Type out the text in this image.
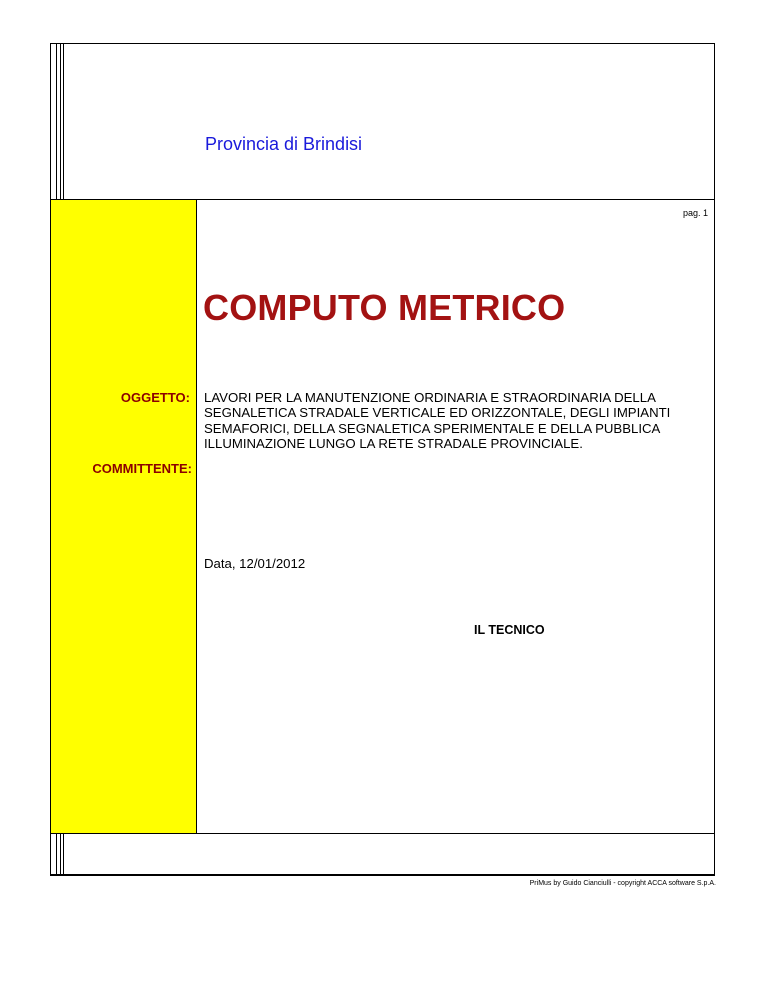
Provincia di Brindisi
pag. 1
COMPUTO METRICO
OGGETTO:
COMMITTENTE:
LAVORI PER LA MANUTENZIONE ORDINARIA E STRAORDINARIA DELLA SEGNALETICA STRADALE VERTICALE ED ORIZZONTALE, DEGLI IMPIANTI SEMAFORICI, DELLA SEGNALETICA SPERIMENTALE E DELLA PUBBLICA ILLUMINAZIONE LUNGO LA RETE STRADALE PROVINCIALE.
Data, 12/01/2012
IL TECNICO
PriMus by Guido Cianciulli - copyright ACCA software S.p.A.
